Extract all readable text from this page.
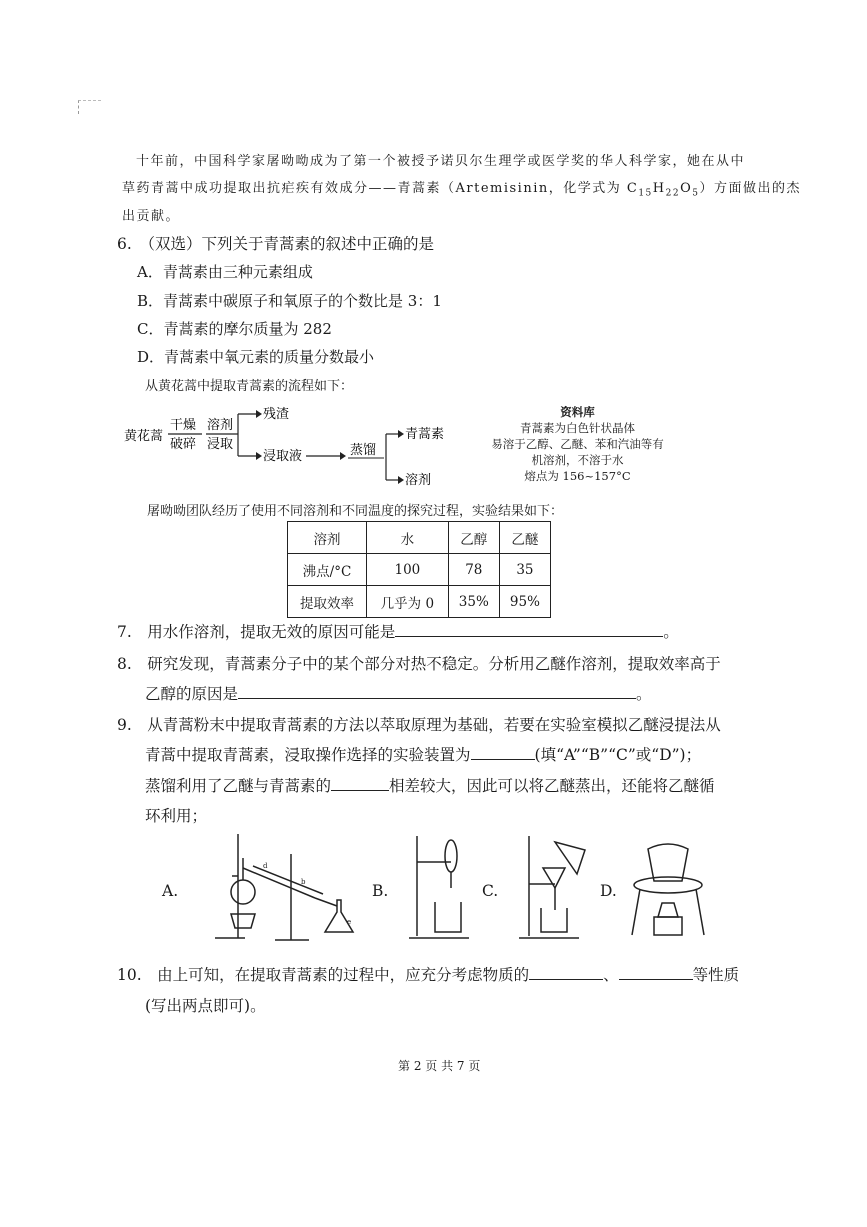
十年前，中国科学家屠呦呦成为了第一个被授予诺贝尔生理学或医学奖的华人科学家，她在从中
草药青蒿中成功提取出抗疟疾有效成分——青蒿素（Artemisinin，化学式为 $C_{15}H_{22}O_5$）方面做出的杰
出贡献。
6.　（双选）下列关于青蒿素的叙述中正确的是
A．青蒿素由三种元素组成
B．青蒿素中碳原子和氧原子的个数比是 3：1
C．青蒿素的摩尔质量为 282
D．青蒿素中氧元素的质量分数最小
从黄花蒿中提取青蒿素的流程如下：
黄花蒿
干燥
破碎
溶剂
浸取
残渣
浸取液	蒸馏
青蒿素
溶剂
资料库
青蒿素为白色针状晶体
易溶于乙醇、乙醚、苯和汽油等有
机溶剂，不溶于水
熔点为 156~157°C
屠呦呦团队经历了使用不同溶剂和不同温度的探究过程，实验结果如下：
溶剂	水	乙醇	乙醚
沸点/°C	100	78	35
提取效率	几乎为 0	35%	95%
7.　用水作溶剂，提取无效的原因可能是	。
8.　研究发现，青蒿素分子中的某个部分对热不稳定。分析用乙醚作溶剂，提取效率高于
乙醇的原因是	。
9.　从青蒿粉末中提取青蒿素的方法以萃取原理为基础，若要在实验室模拟乙醚浸提法从
青蒿中提取青蒿素，浸取操作选择的实验装置为	(填“A”“B”“C”或“D”)；
蒸馏利用了乙醚与青蒿素的	相差较大，因此可以将乙醚蒸出，还能将乙醚循
环利用；
A.
d
b
e
B.	C.	D.
10.　由上可知，在提取青蒿素的过程中，应充分考虑物质的	、	等性质
(写出两点即可)。
第 2 页 共 7 页
